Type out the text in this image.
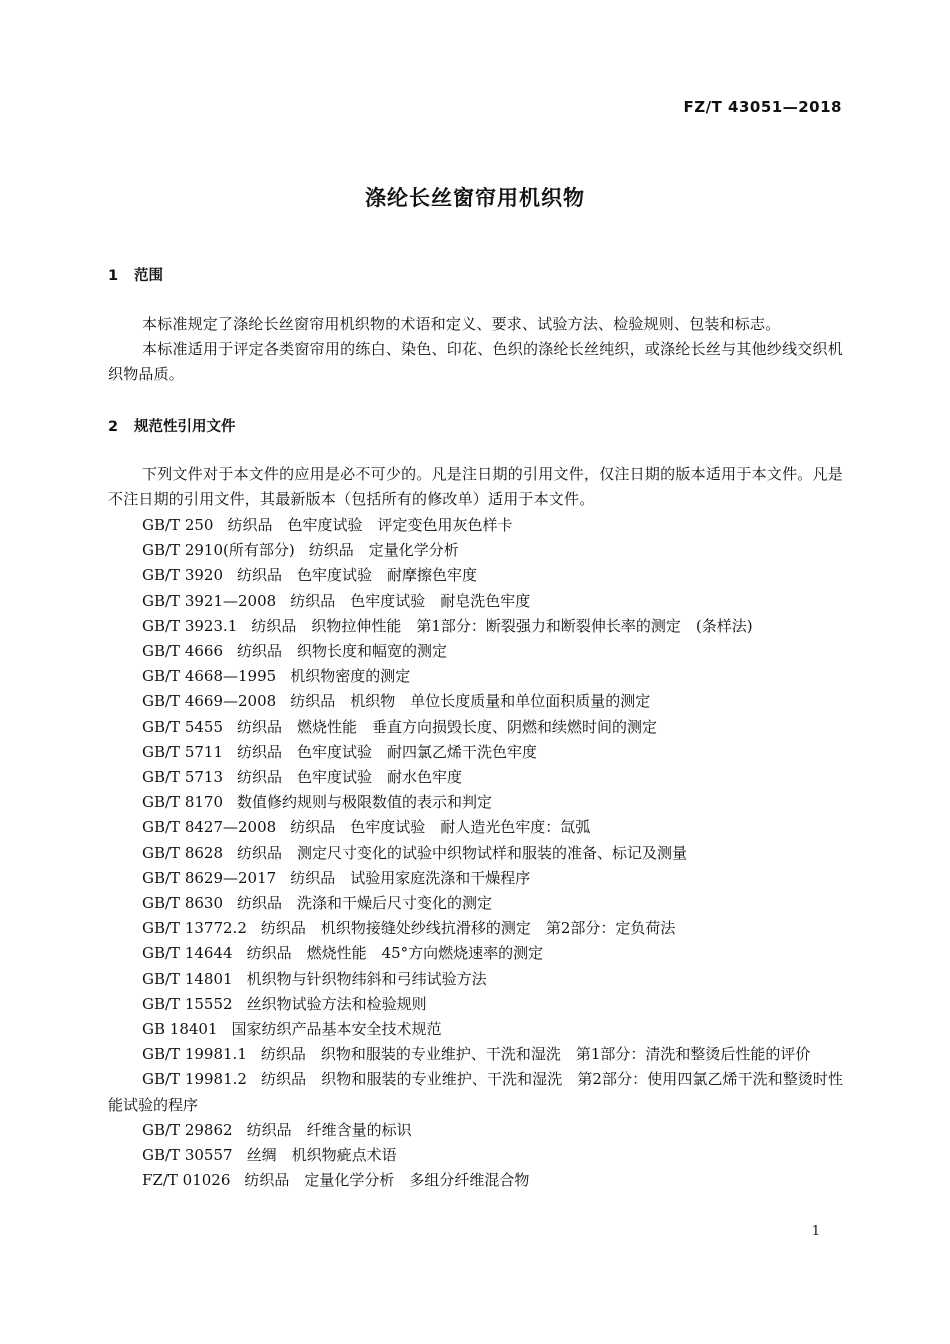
FZ/T 43051—2018
涤纶长丝窗帘用机织物
1 范围
本标准规定了涤纶长丝窗帘用机织物的术语和定义、要求、试验方法、检验规则、包装和标志。
本标准适用于评定各类窗帘用的练白、染色、印花、色织的涤纶长丝纯织，或涤纶长丝与其他纱线交织机织物品质。
2 规范性引用文件
下列文件对于本文件的应用是必不可少的。凡是注日期的引用文件，仅注日期的版本适用于本文件。凡是不注日期的引用文件，其最新版本（包括所有的修改单）适用于本文件。
GB/T 250 纺织品　色牢度试验　评定变色用灰色样卡
GB/T 2910(所有部分) 纺织品　定量化学分析
GB/T 3920 纺织品　色牢度试验　耐摩擦色牢度
GB/T 3921—2008 纺织品　色牢度试验　耐皂洗色牢度
GB/T 3923.1 纺织品　织物拉伸性能　第1部分：断裂强力和断裂伸长率的测定　(条样法)
GB/T 4666 纺织品　织物长度和幅宽的测定
GB/T 4668—1995 机织物密度的测定
GB/T 4669—2008 纺织品　机织物　单位长度质量和单位面积质量的测定
GB/T 5455 纺织品　燃烧性能　垂直方向损毁长度、阴燃和续燃时间的测定
GB/T 5711 纺织品　色牢度试验　耐四氯乙烯干洗色牢度
GB/T 5713 纺织品　色牢度试验　耐水色牢度
GB/T 8170 数值修约规则与极限数值的表示和判定
GB/T 8427—2008 纺织品　色牢度试验　耐人造光色牢度：氙弧
GB/T 8628 纺织品　测定尺寸变化的试验中织物试样和服装的准备、标记及测量
GB/T 8629—2017 纺织品　试验用家庭洗涤和干燥程序
GB/T 8630 纺织品　洗涤和干燥后尺寸变化的测定
GB/T 13772.2 纺织品　机织物接缝处纱线抗滑移的测定　第2部分：定负荷法
GB/T 14644 纺织品　燃烧性能　45°方向燃烧速率的测定
GB/T 14801 机织物与针织物纬斜和弓纬试验方法
GB/T 15552 丝织物试验方法和检验规则
GB 18401 国家纺织产品基本安全技术规范
GB/T 19981.1 纺织品　织物和服装的专业维护、干洗和湿洗　第1部分：清洗和整烫后性能的评价
GB/T 19981.2 纺织品　织物和服装的专业维护、干洗和湿洗　第2部分：使用四氯乙烯干洗和整烫时性能试验的程序
GB/T 29862 纺织品　纤维含量的标识
GB/T 30557 丝绸　机织物疵点术语
FZ/T 01026 纺织品　定量化学分析　多组分纤维混合物
1
